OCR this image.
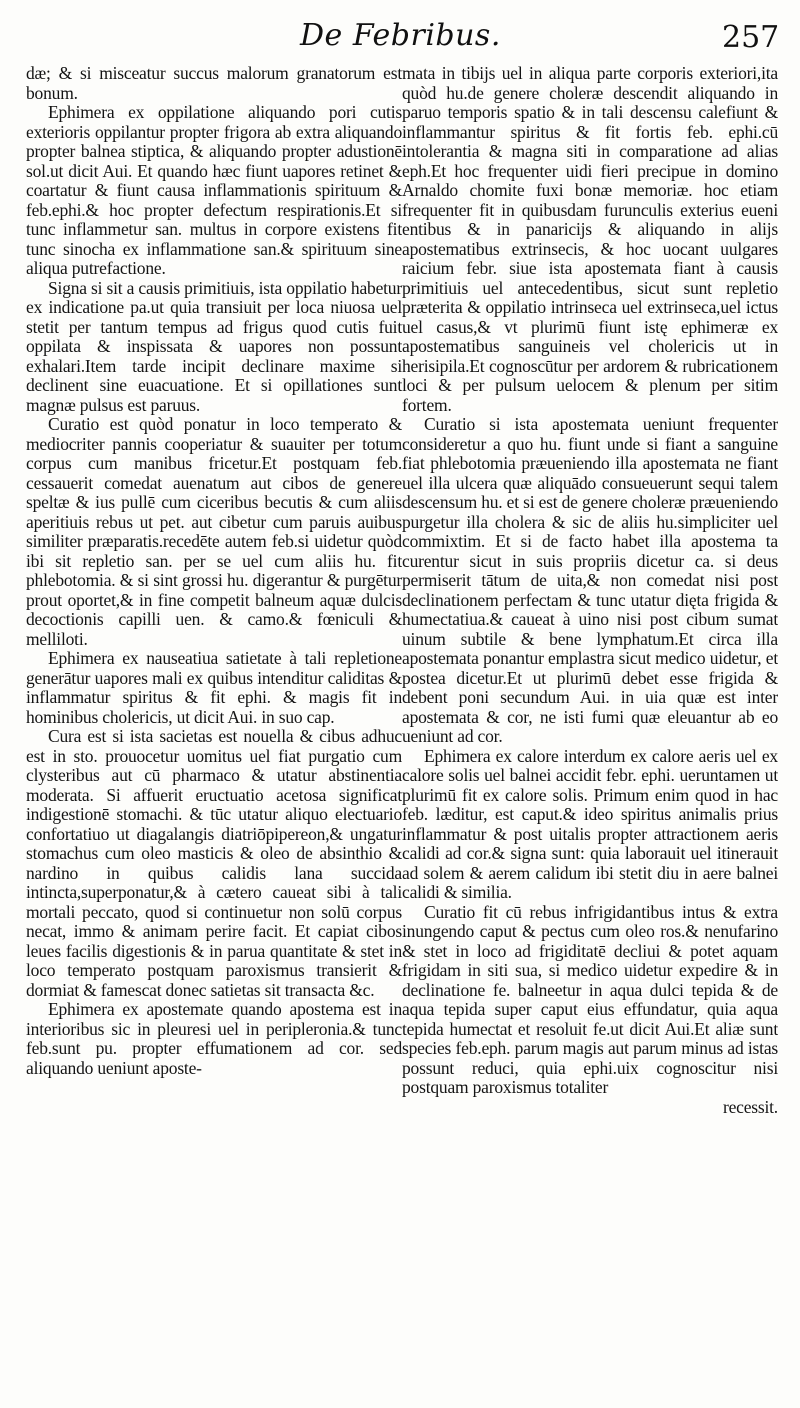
De Febribus.	257

dæ; & si misceatur succus malorum granatorum est bonum.

Ephimera ex oppilatione aliquando pori cutis exterioris oppilantur propter frigora ab extra aliquando propter balnea stiptica, & aliquando propter adustionē sol.ut dicit Aui. Et quando hæc fiunt uapores retinet & coartatur & fiunt causa inflammationis spirituum & feb.ephi.& hoc propter defectum respirationis.Et si tunc inflammetur san. multus in corpore existens fit tunc sinocha ex inflammatione san.& spirituum sine aliqua putrefactione.

Signa si sit a causis primitiuis, ista oppilatio habetur ex indicatione pa.ut quia transiuit per loca niuosa uel stetit per tantum tempus ad frigus quod cutis fuit oppilata & inspissata & uapores non possunt exhalari.Item tarde incipit declinare maxime si declinent sine euacuatione. Et si opillationes sunt magnæ pulsus est paruus.

Curatio est quòd ponatur in loco temperato & mediocriter pannis cooperiatur & suauiter per totum corpus cum manibus fricetur.Et postquam feb. cessauerit comedat auenatum aut cibos de genere speltæ & ius pullē cum ciceribus becutis & cum aliis aperitiuis rebus ut pet. aut cibetur cum paruis auibus similiter præparatis.recedēte autem feb.si uidetur quòd ibi sit repletio san. per se uel cum aliis hu. fit phlebotomia. & si sint grossi hu. digerantur & purgētur prout oportet,& in fine competit balneum aquæ dulcis decoctionis capilli uen. & camo.& fœniculi & melliloti.

Ephimera ex nauseatiua satietate à tali repletione generātur uapores mali ex quibus intenditur caliditas & inflammatur spiritus & fit ephi. & magis fit in hominibus cholericis, ut dicit Aui. in suo cap.

Cura est si ista sacietas est nouella & cibus adhuc est in sto. prouocetur uomitus uel fiat purgatio cum clysteribus aut cū pharmaco & utatur abstinentia moderata. Si affuerit eructuatio acetosa significat indigestionē stomachi. & tūc utatur aliquo electuario confortatiuo ut diagalangis diatriōpipereon,& ungatur stomachus cum oleo masticis & oleo de absinthio & nardino in quibus calidis lana succida intincta,superponatur,& à cætero caueat sibi à tali mortali peccato, quod si continuetur non solū corpus necat, immo & animam perire facit. Et capiat cibos leues facilis digestionis & in parua quantitate & stet in loco temperato postquam paroxismus transierit & dormiat & famescat donec satietas sit transacta &c.

Ephimera ex apostemate quando apostema est in interioribus sic in pleuresi uel in peripleronia.& tunc feb.sunt pu. propter effumationem ad cor. sed aliquando ueniunt aposte-

mata in tibijs uel in aliqua parte corporis exteriori,ita quòd hu.de genere choleræ descendit aliquando in paruo temporis spatio & in tali descensu calefiunt & inflammantur spiritus & fit fortis feb. ephi.cū intolerantia & magna siti in comparatione ad alias eph.Et hoc frequenter uidi fieri precipue in domino Arnaldo chomite fuxi bonæ memoriæ. hoc etiam frequenter fit in quibusdam furunculis exterius eueni entibus & in panaricijs & aliquando in alijs apostematibus extrinsecis, & hoc uocant uulgares raicium febr. siue ista apostemata fiant à causis primitiuis uel antecedentibus, sicut sunt repletio præterita & oppilatio intrinseca uel extrinseca,uel ictus uel casus,& vt plurimū fiunt istę ephimeræ ex apostematibus sanguineis vel cholericis ut in herisipila.Et cognoscūtur per ardorem & rubricationem loci & per pulsum uelocem & plenum per sitim fortem.

Curatio si ista apostemata ueniunt frequenter consideretur a quo hu. fiunt unde si fiant a sanguine fiat phlebotomia præueniendo illa apostemata ne fiant uel illa ulcera quæ aliquādo consueuerunt sequi talem descensum hu. et si est de genere choleræ præueniendo purgetur illa cholera & sic de aliis hu.simpliciter uel commixtim. Et si de facto habet illa apostema ta curentur sicut in suis propriis dicetur ca. si deus permiserit tātum de uita,& non comedat nisi post declinationem perfectam & tunc utatur dięta frigida & humectatiua.& caueat à uino nisi post cibum sumat uinum subtile & bene lymphatum.Et circa illa apostemata ponantur emplastra sicut medico uidetur, et postea dicetur.Et ut plurimū debet esse frigida & debent poni secundum Aui. in uia quæ est inter apostemata & cor, ne isti fumi quæ eleuantur ab eo ueniunt ad cor.

Ephimera ex calore interdum ex calore aeris uel ex calore solis uel balnei accidit febr. ephi. ueruntamen ut plurimū fit ex calore solis. Primum enim quod in hac feb. læditur, est caput.& ideo spiritus animalis prius inflammatur & post uitalis propter attractionem aeris calidi ad cor.& signa sunt: quia laborauit uel itinerauit ad solem & aerem calidum ibi stetit diu in aere balnei calidi & similia.

Curatio fit cū rebus infrigidantibus intus & extra inungendo caput & pectus cum oleo ros.& nenufarino & stet in loco ad frigiditatē decliui & potet aquam frigidam in siti sua, si medico uidetur expedire & in declinatione fe. balneetur in aqua dulci tepida & de aqua tepida super caput eius effundatur, quia aqua tepida humectat et resoluit fe.ut dicit Aui.Et aliæ sunt species feb.eph. parum magis aut parum minus ad istas possunt reduci, quia ephi.uix cognoscitur nisi postquam paroxismus totaliter

recessit.
